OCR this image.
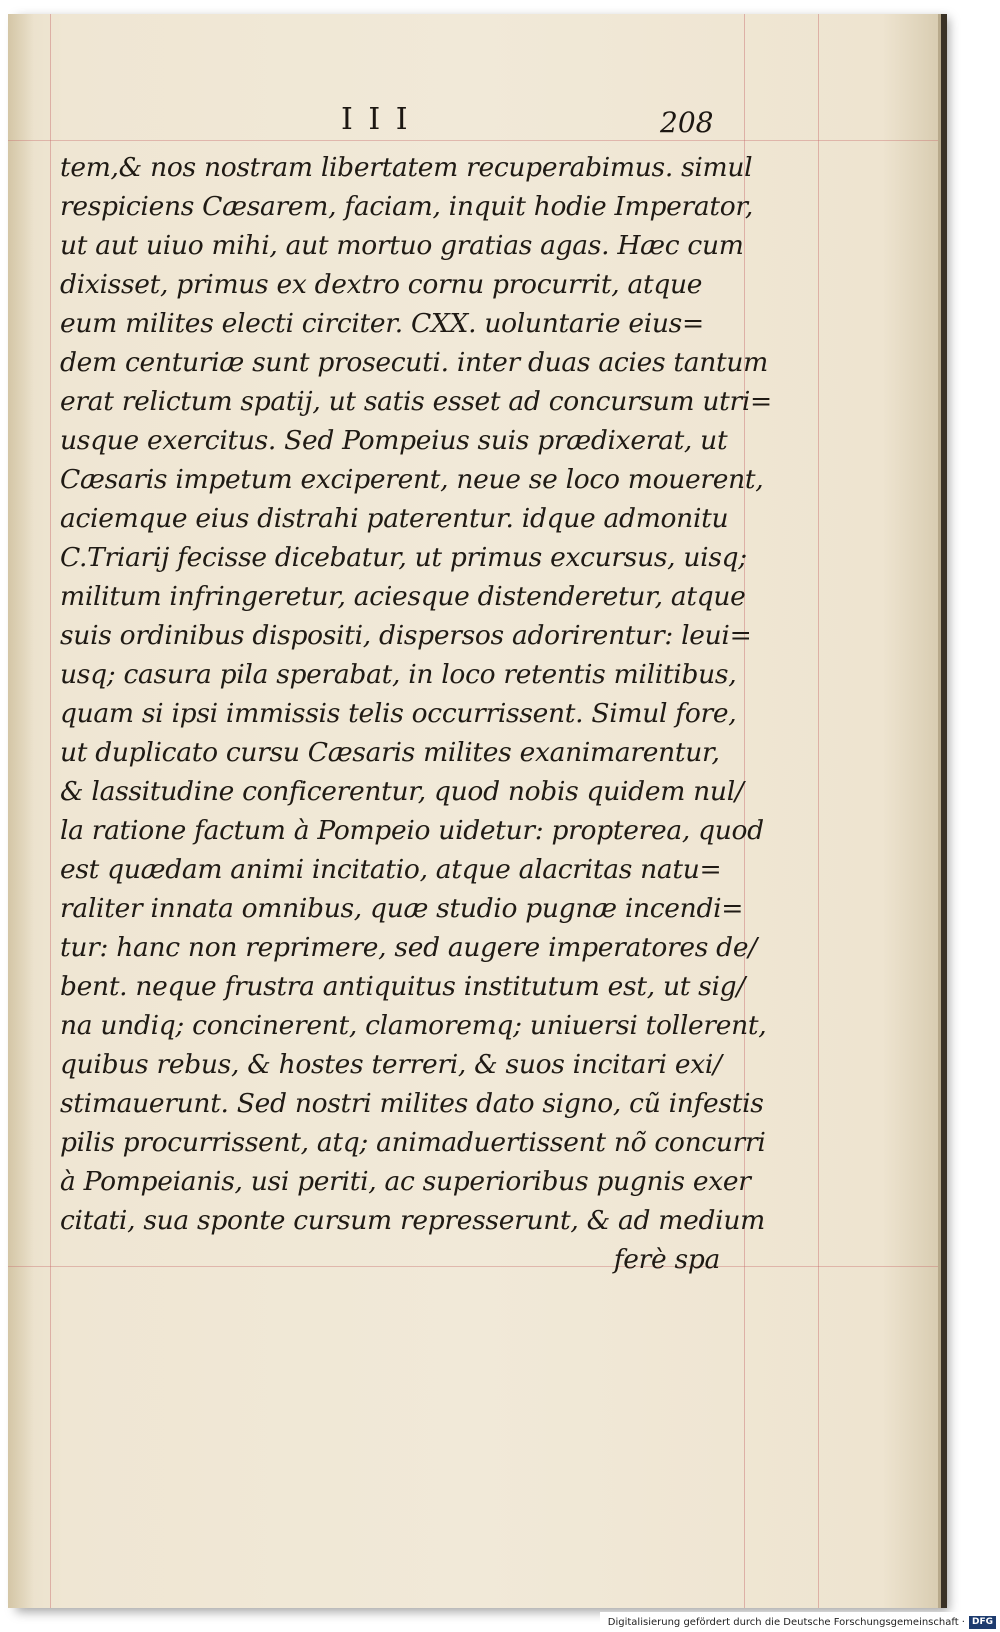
I I I	208
tem,& nos nostram libertatem recuperabimus. simul
respiciens Cæsarem, faciam, inquit hodie Imperator,
ut aut uiuo mihi, aut mortuo gratias agas. Hæc cum
dixisset, primus ex dextro cornu procurrit, atque
eum milites electi circiter. CXX. uoluntarie eius=
dem centuriæ sunt prosecuti. inter duas acies tantum
erat relictum spatij, ut satis esset ad concursum utri=
usque exercitus. Sed Pompeius suis prædixerat, ut
Cæsaris impetum exciperent, neue se loco mouerent,
aciemque eius distrahi paterentur. idque admonitu
C.Triarij fecisse dicebatur, ut primus excursus, uisq;
militum infringeretur, aciesque distenderetur, atque
suis ordinibus dispositi, dispersos adorirentur: leui=
usq; casura pila sperabat, in loco retentis militibus,
quam si ipsi immissis telis occurrissent. Simul fore,
ut duplicato cursu Cæsaris milites exanimarentur,
& lassitudine conficerentur, quod nobis quidem nul/
la ratione factum à Pompeio uidetur: propterea, quod
est quædam animi incitatio, atque alacritas natu=
raliter innata omnibus, quæ studio pugnæ incendi=
tur: hanc non reprimere, sed augere imperatores de/
bent. neque frustra antiquitus institutum est, ut sig/
na undiq; concinerent, clamoremq; uniuersi tollerent,
quibus rebus, & hostes terreri, & suos incitari exi/
stimauerunt. Sed nostri milites dato signo, cũ infestis
pilis procurrissent, atq; animaduertissent nõ concurri
à Pompeianis, usi periti, ac superioribus pugnis exer
citati, sua sponte cursum represserunt, & ad medium
ferè spa
Digitalisierung gefördert durch die Deutsche Forschungsgemeinschaft · DFG
